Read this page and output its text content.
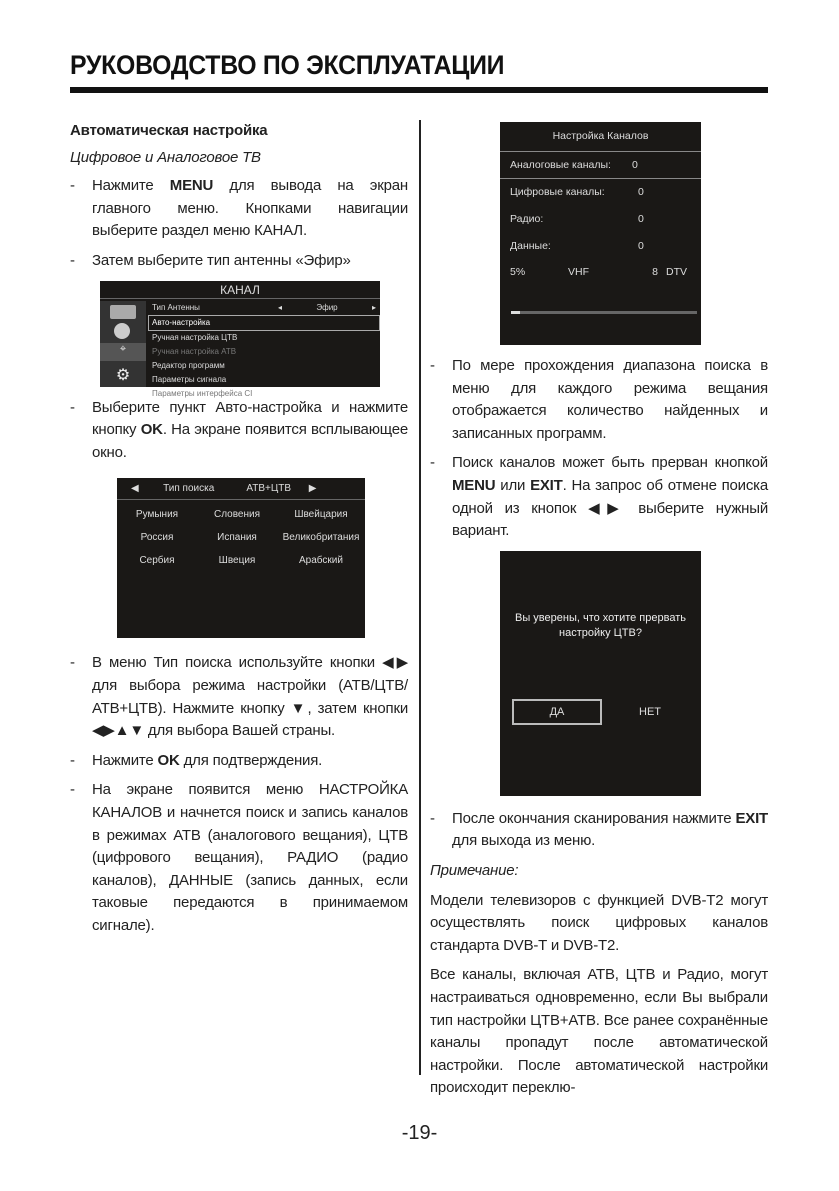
РУКОВОДСТВО ПО ЭКСПЛУАТАЦИИ
Автоматическая настройка
Цифровое и Аналоговое ТВ
- Нажмите MENU для вывода на экран главного меню. Кнопками навигации выберите раздел меню КАНАЛ.
- Затем выберите тип антенны «Эфир»
КАНАЛ
⌖
⚙
Тип Антенны	◂	Эфир	▸
Авто-настройка
Ручная настройка ЦТВ
Ручная настройка АТВ
Редактор программ
Параметры сигнала
Параметры интерфейса CI
- Выберите пункт Авто-настройка и нажмите кнопку OK. На экране появится всплывающее окно.
◀	Тип поиска	АТВ+ЦТВ	▶
Румыния	Словения	Швейцария
Россия	Испания	Великобритания
Сербия	Швеция	Арабский
- В меню Тип поиска используйте кнопки ◀▶ для выбора режима настройки (АТВ/ЦТВ/АТВ+ЦТВ). Нажмите кнопку ▼, затем кнопки ◀▶▲▼ для выбора Вашей страны.
- Нажмите OK для подтверждения.
- На экране появится меню НАСТРОЙКА КАНАЛОВ и начнется поиск и запись каналов в режимах АТВ (аналогового вещания), ЦТВ (цифрового вещания), РАДИО (радио каналов), ДАННЫЕ (запись данных, если таковые передаются в принимаемом сигнале).
Настройка Каналов
Аналоговые каналы:	0
Цифровые каналы:	0
Радио:	0
Данные:	0
5%	VHF	8 DTV
- По мере прохождения диапазона поиска в меню для каждого режима вещания отображается количество найденных и записанных программ.
- Поиск каналов может быть прерван кнопкой MENU или EXIT. На запрос об отмене поиска одной из кнопок ◀▶ выберите нужный вариант.
Вы уверены, что хотите прервать настройку ЦТВ?
ДА	НЕТ
- После окончания сканирования нажмите EXIT для выхода из меню.
Примечание:
Модели телевизоров с функцией DVB-T2 могут осуществлять поиск цифровых каналов стандарта DVB-T и DVB-T2.
Все каналы, включая АТВ, ЦТВ и Радио, могут настраиваться одновременно, если Вы выбрали тип настройки ЦТВ+АТВ. Все ранее сохранённые каналы пропадут после автоматической настройки. После автоматической настройки происходит переклю-
-19-
